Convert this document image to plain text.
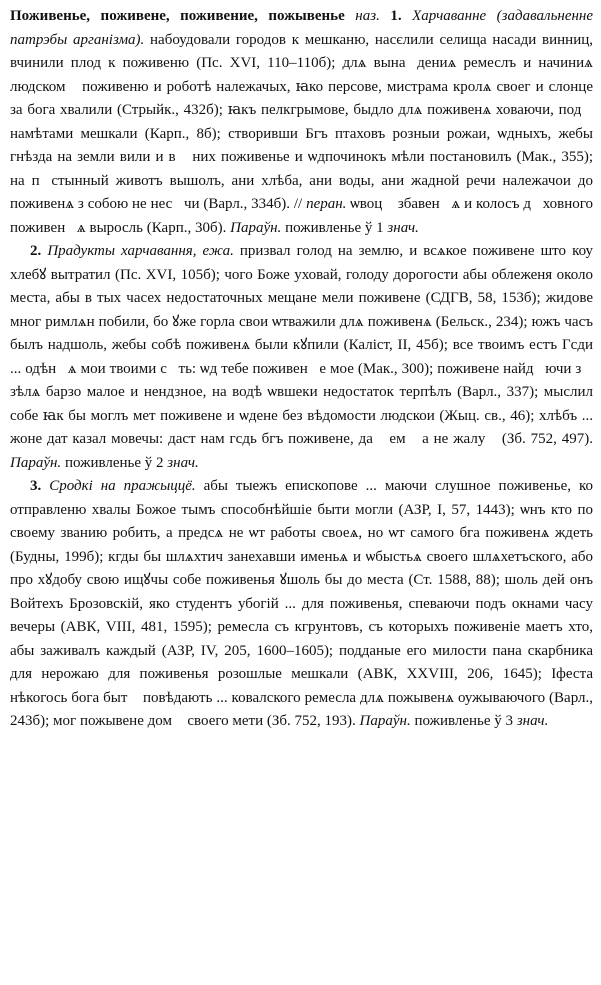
Поживенье, поживене, поживение, пожывенье наз. 1. Харчаванне (задавальненне патрэбы арганізма). набоудовали городов к мешканю, насєлили селища насади винниц, вчинили плод к поживеню (Пс. XVI, 110–110б); длѧ вынаⷭдениѧ ремеслъ и начиниѧ людскомꙋ поживеню и роботѣ належачых, ꙗко персове, мистрама кролѧ своег и слонце за бога хвалили (Стрыйк., 432б); ꙗкъ пелкгрымове, быдло длѧ поживенѧ ховаючи, подⷭ намѣтами мешкали (Карп., 8б); створивши Бгъ птаховъ розныи рожаи, ѡдныхъ, жебы гнѣзда на земли вили и вⷭ них поживенье и ѡдпочинокъ мѣли постановилъ (Мак., 355); на пꙋстынный животъ вышолъ, ани хлѣба, ани воды, ани жадной речи належачои до поживенѧ з собою не несꙋчи (Варл., 334б). // перан. ѡвоцⷭ збавенⷭѧ и колосъ дꙋховного поживенⷭѧ выросль (Карп., 30б). Параўн. поживленье ў 1 знач.

2. Прадукты харчавання, ежа. призвал голод на землю, и всѧкое поживене што коу хлебꙋ вытратил (Пс. XVI, 105б); чого Боже уховай, голоду дорогости абы облеженя около места, абы в тых часех недостаточных мещане мели поживене (СДГВ, 58, 153б); жидове мног римлѧн побили, бо ꙋже горла свои ѡтважили длѧ поживенѧ (Бельск., 234); южъ часъ былъ надшоль, жебы собѣ поживенѧ были кꙋпили (Каліст, II, 45б); все твоимъ естъ Гсди ... одѣнⷭѧ мои твоими сꙋть: ѡд тебе поживенⷭе мое (Мак., 300); поживене найдꙋючи зⷭ зѣлѧ барзо малое и нендзное, на водѣ ѡвшеки недостаток терпѣлъ (Варл., 337); мыслил собе ꙗк бы моглъ мет поживене и ѡдене без вѣдомости людскои (Жыц. св., 46); хлѣбъ ... жоне дат казал мовечы: даст нам гсдь бгъ поживене, даⷭ емꙋ а не жалуⷭ (Зб. 752, 497). Параўн. поживленье ў 2 знач.

3. Сродкі на пражыццё. абы тыежъ епископове ... маючи слушное поживенье, ко отправленю хвалы Божое тымъ способнѣйшіе быти могли (АЗР, I, 57, 1443); ѡнъ кто по своему званию робить, а предсѧ не ѡт работы своеѧ, но ѡт самого бга поживенѧ ждеть (Будны, 199б); кгды бы шлѧхтич занехавши именьѧ и ѡбыстьѧ своего шлѧхетъского, або про хꙋдобу свою ищꙋчы собе поживенья ꙋшоль бы до места (Ст. 1588, 88); шоль дей онъ Войтехъ Брозовскій, яко студентъ убогій ... для поживенья, спеваючи подъ окнами часу вечеры (АВК, VIII, 481, 1595); ремесла съ кгрунтовъ, съ которыхъ поживеніе маетъ хто, абы заживалъ каждый (АЗР, IV, 205, 1600–1605); подданые его милости пана скарбника для нерожаю для поживенья розошлые мешкали (АВК, XXVIII, 206, 1645); Іфеста нѣкогось бога бытⷭ повѣдають ... ковалского ремесла длѧ пожывенѧ оужываючого (Варл., 243б); мог пожывене домꙋ своего мети (Зб. 752, 193). Параўн. поживленье ў 3 знач.
